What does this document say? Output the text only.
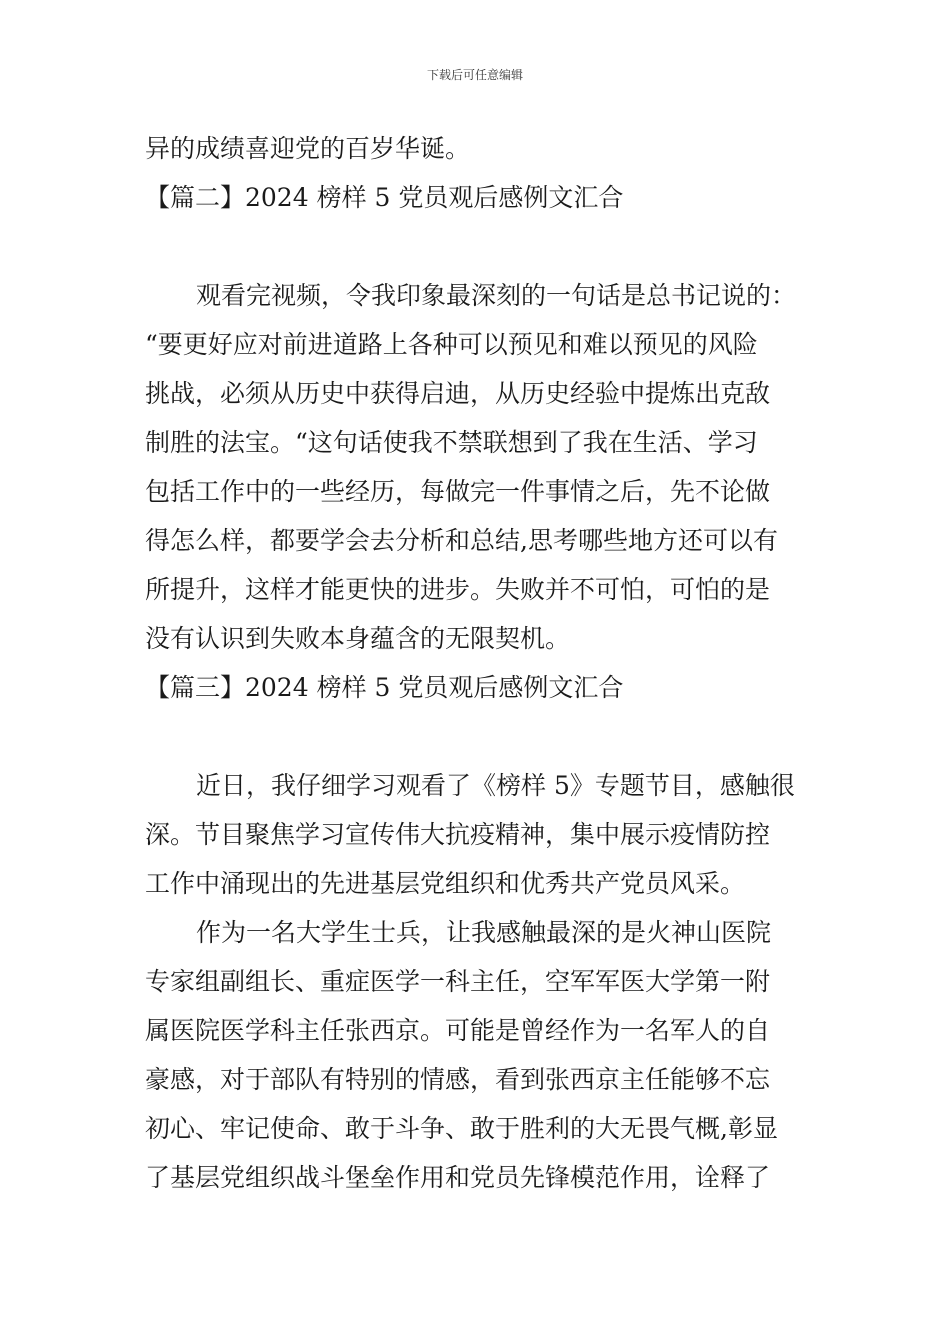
下载后可任意编辑
异的成绩喜迎党的百岁华诞。
【篇二】2024 榜样 5 党员观后感例文汇合
观看完视频，令我印象最深刻的一句话是总书记说的：
“要更好应对前进道路上各种可以预见和难以预见的风险
挑战，必须从历史中获得启迪，从历史经验中提炼出克敌
制胜的法宝。“这句话使我不禁联想到了我在生活、学习
包括工作中的一些经历，每做完一件事情之后，先不论做
得怎么样，都要学会去分析和总结,思考哪些地方还可以有
所提升，这样才能更快的进步。失败并不可怕，可怕的是
没有认识到失败本身蕴含的无限契机。
【篇三】2024 榜样 5 党员观后感例文汇合
近日，我仔细学习观看了《榜样 5》专题节目，感触很
深。节目聚焦学习宣传伟大抗疫精神，集中展示疫情防控
工作中涌现出的先进基层党组织和优秀共产党员风采。
作为一名大学生士兵，让我感触最深的是火神山医院
专家组副组长、重症医学一科主任，空军军医大学第一附
属医院医学科主任张西京。可能是曾经作为一名军人的自
豪感，对于部队有特别的情感，看到张西京主任能够不忘
初心、牢记使命、敢于斗争、敢于胜利的大无畏气概,彰显
了基层党组织战斗堡垒作用和党员先锋模范作用，诠释了
